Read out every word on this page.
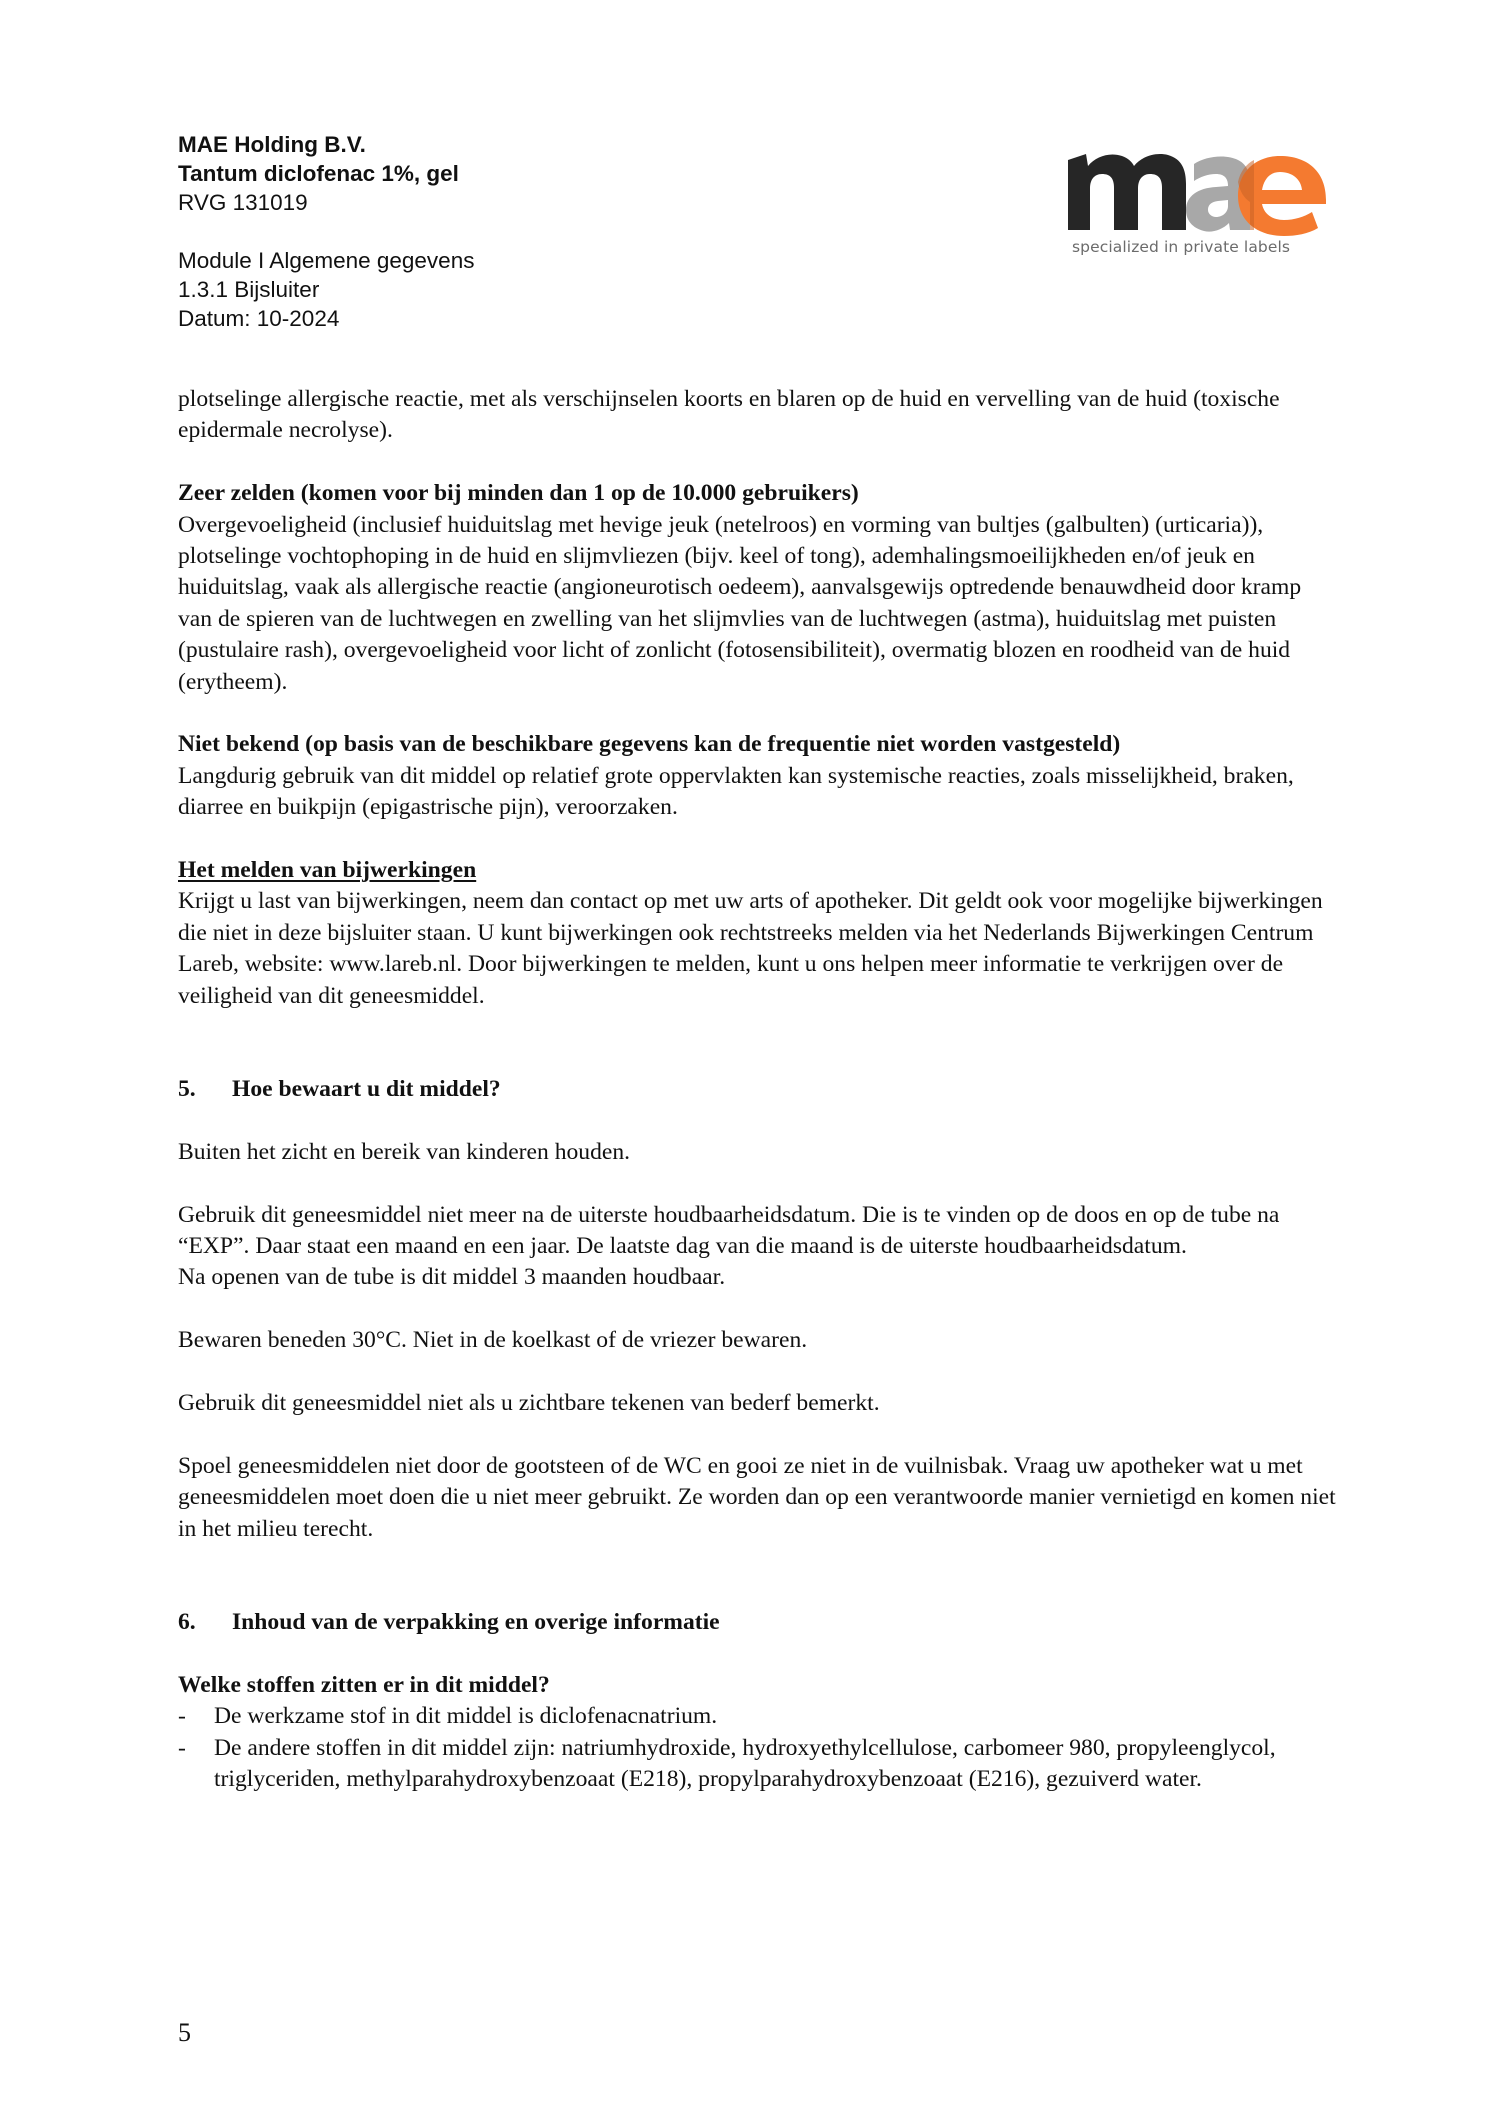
MAE Holding B.V.
Tantum diclofenac 1%, gel
RVG 131019
Module I Algemene gegevens
1.3.1 Bijsluiter
Datum: 10-2024
specialized in private labels

plotselinge allergische reactie, met als verschijnselen koorts en blaren op de huid en vervelling van de huid (toxische epidermale necrolyse).

Zeer zelden (komen voor bij minden dan 1 op de 10.000 gebruikers)

Overgevoeligheid (inclusief huiduitslag met hevige jeuk (netelroos) en vorming van bultjes (galbulten) (urticaria)), plotselinge vochtophoping in de huid en slijmvliezen (bijv. keel of tong), ademhalingsmoeilijkheden en/of jeuk en huiduitslag, vaak als allergische reactie (angioneurotisch oedeem), aanvalsgewijs optredende benauwdheid door kramp van de spieren van de luchtwegen en zwelling van het slijmvlies van de luchtwegen (astma), huiduitslag met puisten (pustulaire rash), overgevoeligheid voor licht of zonlicht (fotosensibiliteit), overmatig blozen en roodheid van de huid (erytheem).

Niet bekend (op basis van de beschikbare gegevens kan de frequentie niet worden vastgesteld)

Langdurig gebruik van dit middel op relatief grote oppervlakten kan systemische reacties, zoals misselijkheid, braken, diarree en buikpijn (epigastrische pijn), veroorzaken.

Het melden van bijwerkingen

Krijgt u last van bijwerkingen, neem dan contact op met uw arts of apotheker. Dit geldt ook voor mogelijke bijwerkingen die niet in deze bijsluiter staan. U kunt bijwerkingen ook rechtstreeks melden via het Nederlands Bijwerkingen Centrum Lareb, website: www.lareb.nl. Door bijwerkingen te melden, kunt u ons helpen meer informatie te verkrijgen over de veiligheid van dit geneesmiddel.

5.	Hoe bewaart u dit middel?

Buiten het zicht en bereik van kinderen houden.

Gebruik dit geneesmiddel niet meer na de uiterste houdbaarheidsdatum. Die is te vinden op de doos en op de tube na “EXP”. Daar staat een maand en een jaar. De laatste dag van die maand is de uiterste houdbaarheidsdatum.

Na openen van de tube is dit middel 3 maanden houdbaar.

Bewaren beneden 30°C. Niet in de koelkast of de vriezer bewaren.

Gebruik dit geneesmiddel niet als u zichtbare tekenen van bederf bemerkt.

Spoel geneesmiddelen niet door de gootsteen of de WC en gooi ze niet in de vuilnisbak. Vraag uw apotheker wat u met geneesmiddelen moet doen die u niet meer gebruikt. Ze worden dan op een verantwoorde manier vernietigd en komen niet in het milieu terecht.

6.	Inhoud van de verpakking en overige informatie

Welke stoffen zitten er in dit middel?

-	De werkzame stof in dit middel is diclofenacnatrium.
-	De andere stoffen in dit middel zijn: natriumhydroxide, hydroxyethylcellulose, carbomeer 980, propyleenglycol, triglyceriden, methylparahydroxybenzoaat (E218), propylparahydroxybenzoaat (E216), gezuiverd water.
5
